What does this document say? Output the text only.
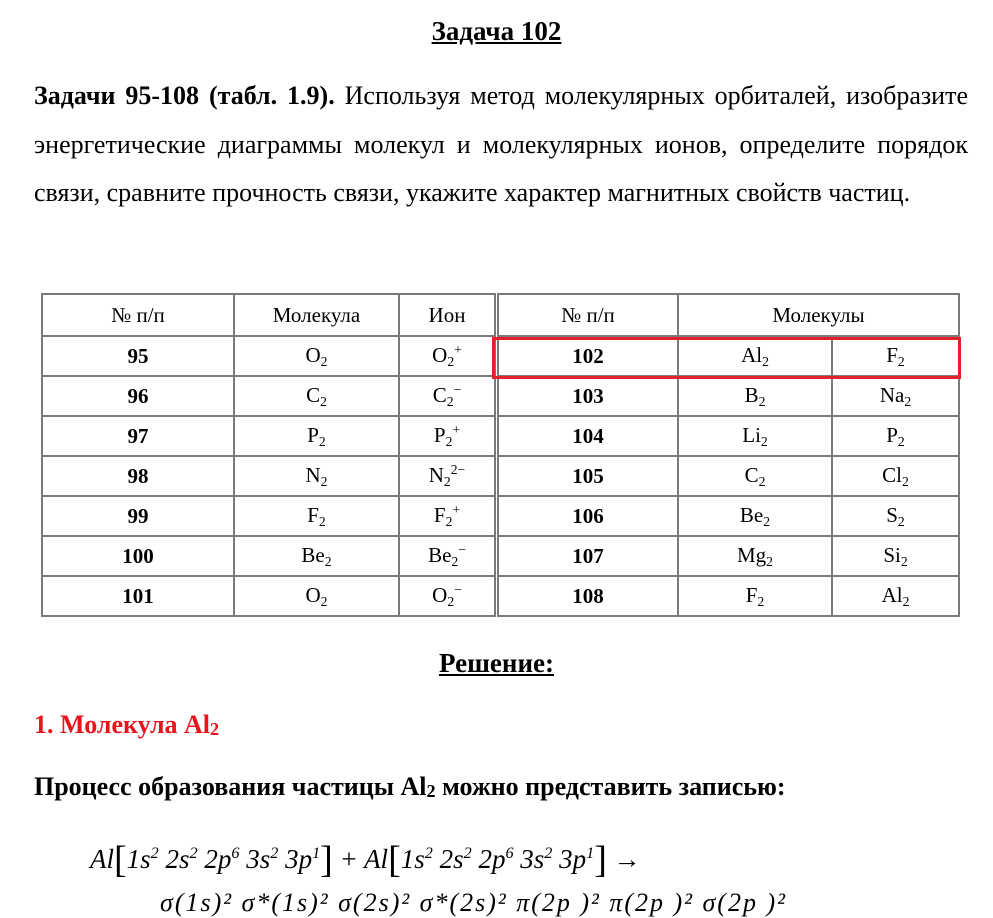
Задача 102
Задачи 95-108 (табл. 1.9). Используя метод молекулярных орбиталей, изобразите энергетические диаграммы молекул и молекулярных ионов, определите порядок связи, сравните прочность связи, укажите характер магнитных свойств частиц.
№ п/п	Молекула	Ион	№ п/п	Молекулы	
95	$O_2$	$O_2^+$	102	$Al_2$	$F_2$
96	$C_2$	$C_2^-$	103	$B_2$	$Na_2$
97	$P_2$	$P_2^+$	104	$Li_2$	$P_2$
98	$N_2$	$N_2^{2-}$	105	$C_2$	$Cl_2$
99	$F_2$	$F_2^+$	106	$Be_2$	$S_2$
100	$Be_2$	$Be_2^-$	107	$Mg_2$	$Si_2$
101	$O_2$	$O_2^-$	108	$F_2$	$Al_2$
Решение:
1. Молекула $Al_2$
Процесс образования частицы $Al_2$ можно представить записью:
$Al[1s^2$ $2s^2$ $2p^6$ $3s^2$ $3p^1] + Al[1s^2$ $2s^2$ $2p^6$ $3s^2$ $3p^1$] →
σ(1s)² σ*(1s)² σ(2s)² σ*(2s)² π(2p )² π(2p )² σ(2p )²
